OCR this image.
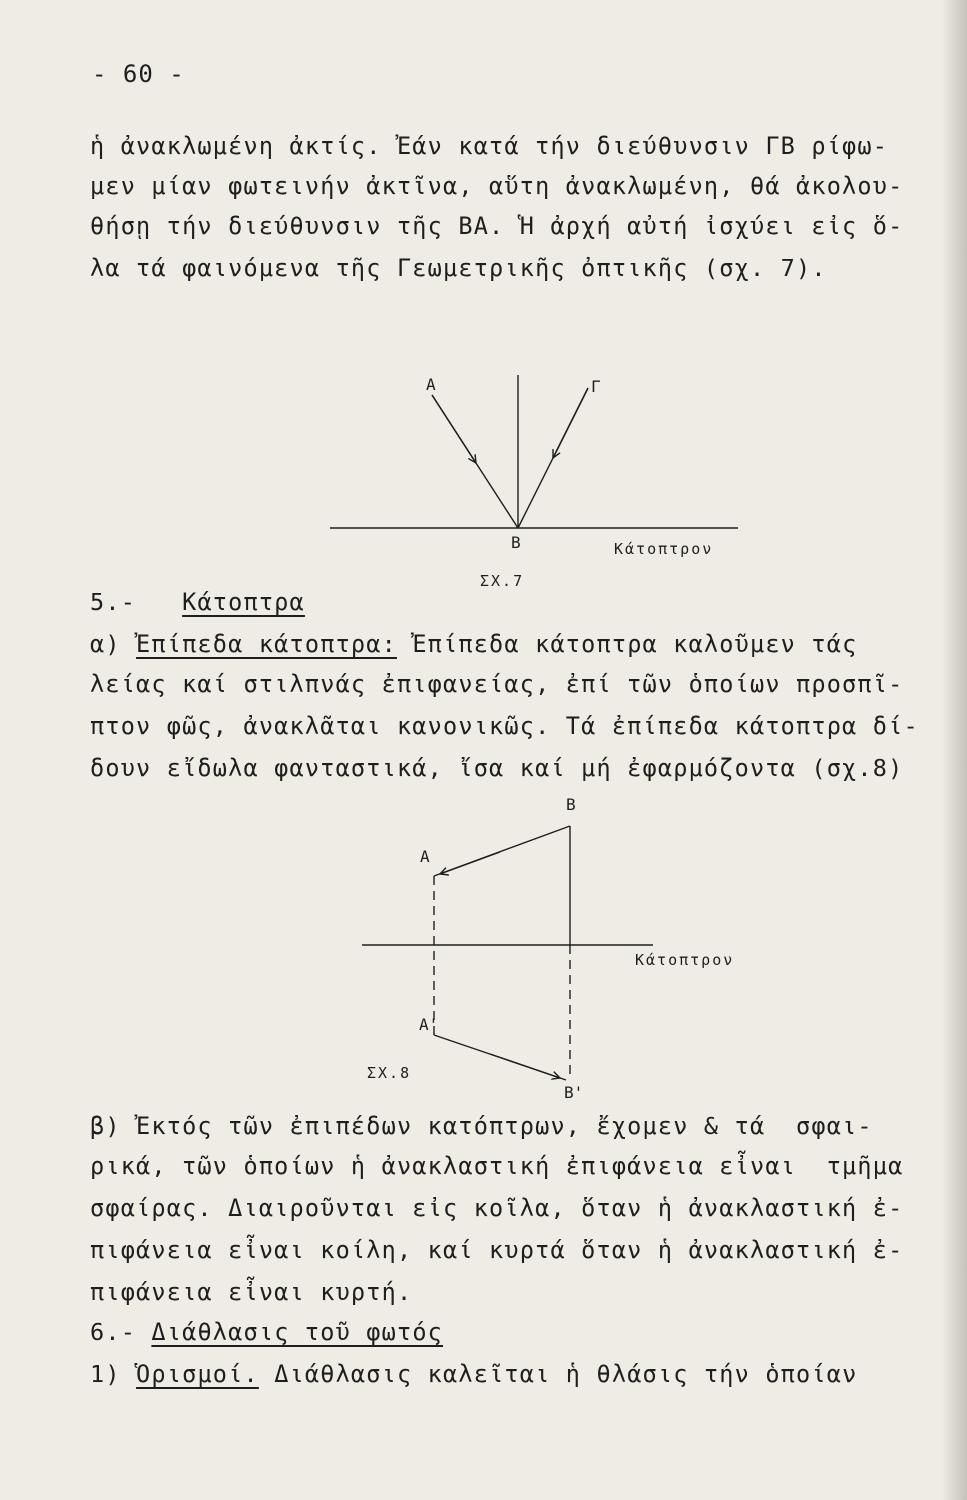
- 60 -
ἡ ἀνακλωμένη ἀκτίς. Ἐάν κατά τήν διεύθυνσιν ΓΒ ρίφω-
μεν μίαν φωτεινήν ἀκτῖνα, αὕτη ἀνακλωμένη, θά ἀκολου-
θήσῃ τήν διεύθυνσιν τῆς ΒΑ. Ἡ ἀρχή αὐτή ἰσχύει εἰς ὅ-
λα τά φαινόμενα τῆς Γεωμετρικῆς ὀπτικῆς (σχ. 7).
Α	Γ
Β	Κάτοπτρον
ΣΧ.7
Β
Α
Α'
Β'
Κάτοπτρον
ΣΧ.8
5.- Κάτοπτρα
α) Ἐπίπεδα κάτοπτρα: Ἐπίπεδα κάτοπτρα καλοῦμεν τάς
λείας καί στιλπνάς ἐπιφανείας, ἐπί τῶν ὁποίων προσπῖ-
πτον φῶς, ἀνακλᾶται κανονικῶς. Τά ἐπίπεδα κάτοπτρα δί-
δουν εἴδωλα φανταστικά, ἴσα καί μή ἐφαρμόζοντα (σχ.8)
β) Ἐκτός τῶν ἐπιπέδων κατόπτρων, ἔχομεν & τά  σφαι-
ρικά, τῶν ὁποίων ἡ ἀνακλαστική ἐπιφάνεια εἶναι  τμῆμα
σφαίρας. Διαιροῦνται εἰς κοῖλα, ὅταν ἡ ἀνακλαστική ἐ-
πιφάνεια εἶναι κοίλη, καί κυρτά ὅταν ἡ ἀνακλαστική ἐ-
πιφάνεια εἶναι κυρτή.
6.- Διάθλασις τοῦ φωτός
1) Ὁρισμοί. Διάθλασις καλεῖται ἡ θλάσις τήν ὁποίαν
